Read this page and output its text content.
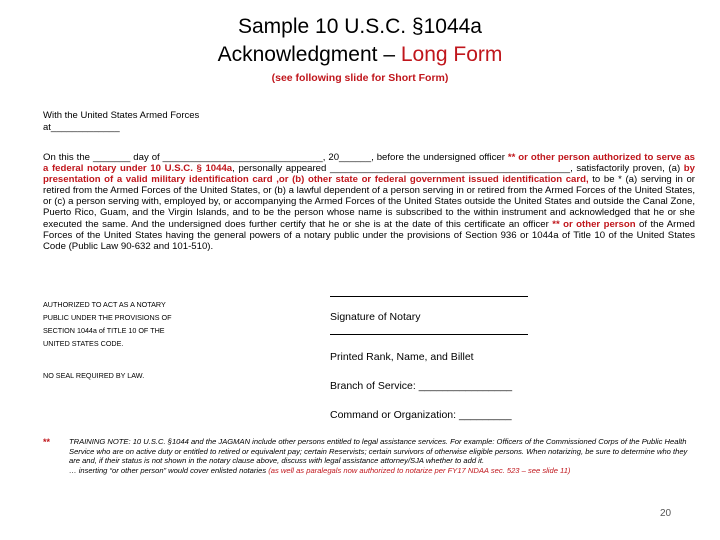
Sample 10 U.S.C. §1044a
Acknowledgment – Long Form
(see following slide for Short Form)
With the United States Armed Forces
at_____________
On this the _______ day of ______________________________, 20______, before the undersigned officer ** or other person authorized to serve as a federal notary under 10 U.S.C. § 1044a, personally appeared _____________________________________________, satisfactorily proven, (a) by presentation of a valid military identification card ,or (b) other state or federal government issued identification card, to be * (a) serving in or retired from the Armed Forces of the United States, or (b) a lawful dependent of a person serving in or retired from the Armed Forces of the United States, or (c) a person serving with, employed by, or accompanying the Armed Forces of the United States outside the United States and outside the Canal Zone, Puerto Rico, Guam, and the Virgin Islands, and to be the person whose name is subscribed to the within instrument and acknowledged that he or she executed the same. And the undersigned does further certify that he or she is at the date of this certificate an officer ** or other person of the Armed Forces of the United States having the general powers of a notary public under the provisions of Section 936 or 1044a of Title 10 of the United States Code (Public Law 90-632 and 101-510).
AUTHORIZED TO ACT AS A NOTARY
PUBLIC UNDER THE PROVISIONS OF
SECTION 1044a of TITLE 10 OF THE
UNITED STATES CODE.
NO SEAL REQUIRED BY LAW.
Signature of Notary
Printed Rank, Name, and Billet
Branch of Service: ________________
Command or Organization: _________
** TRAINING NOTE: 10 U.S.C. §1044 and the JAGMAN include other persons entitled to legal assistance services. For example: Officers of the Commissioned Corps of the Public Health Service who are on active duty or entitled to retired or equivalent pay; certain Reservists; certain survivors of otherwise eligible persons. When notarizing, be sure to determine who they are and, if their status is not shown in the notary clause above, discuss with legal assistance attorney/SJA whether to add it.
… inserting “or other person” would cover enlisted notaries (as well as paralegals now authorized to notarize per FY17 NDAA sec. 523 – see slide 11)
20
